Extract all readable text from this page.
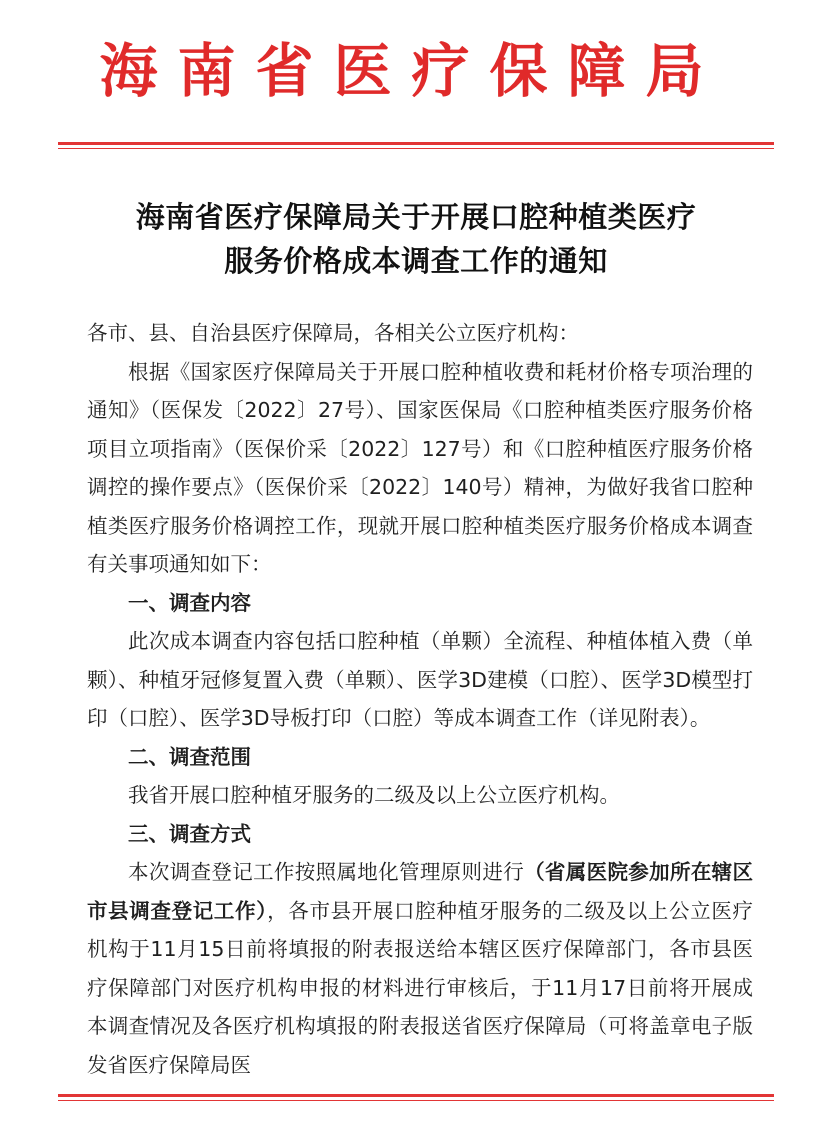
海南省医疗保障局
海南省医疗保障局关于开展口腔种植类医疗
服务价格成本调查工作的通知

各市、县、自治县医疗保障局，各相关公立医疗机构：

根据《国家医疗保障局关于开展口腔种植收费和耗材价格专项治理的通知》（医保发〔2022〕27号）、国家医保局《口腔种植类医疗服务价格项目立项指南》（医保价采〔2022〕127号）和《口腔种植医疗服务价格调控的操作要点》（医保价采〔2022〕140号）精神，为做好我省口腔种植类医疗服务价格调控工作，现就开展口腔种植类医疗服务价格成本调查有关事项通知如下：

一、调查内容

此次成本调查内容包括口腔种植（单颗）全流程、种植体植入费（单颗）、种植牙冠修复置入费（单颗）、医学3D建模（口腔）、医学3D模型打印（口腔）、医学3D导板打印（口腔）等成本调查工作（详见附表）。

二、调查范围

我省开展口腔种植牙服务的二级及以上公立医疗机构。

三、调查方式

本次调查登记工作按照属地化管理原则进行（省属医院参加所在辖区市县调查登记工作），各市县开展口腔种植牙服务的二级及以上公立医疗机构于11月15日前将填报的附表报送给本辖区医疗保障部门，各市县医疗保障部门对医疗机构申报的材料进行审核后，于11月17日前将开展成本调查情况及各医疗机构填报的附表报送省医疗保障局（可将盖章电子版发省医疗保障局医
